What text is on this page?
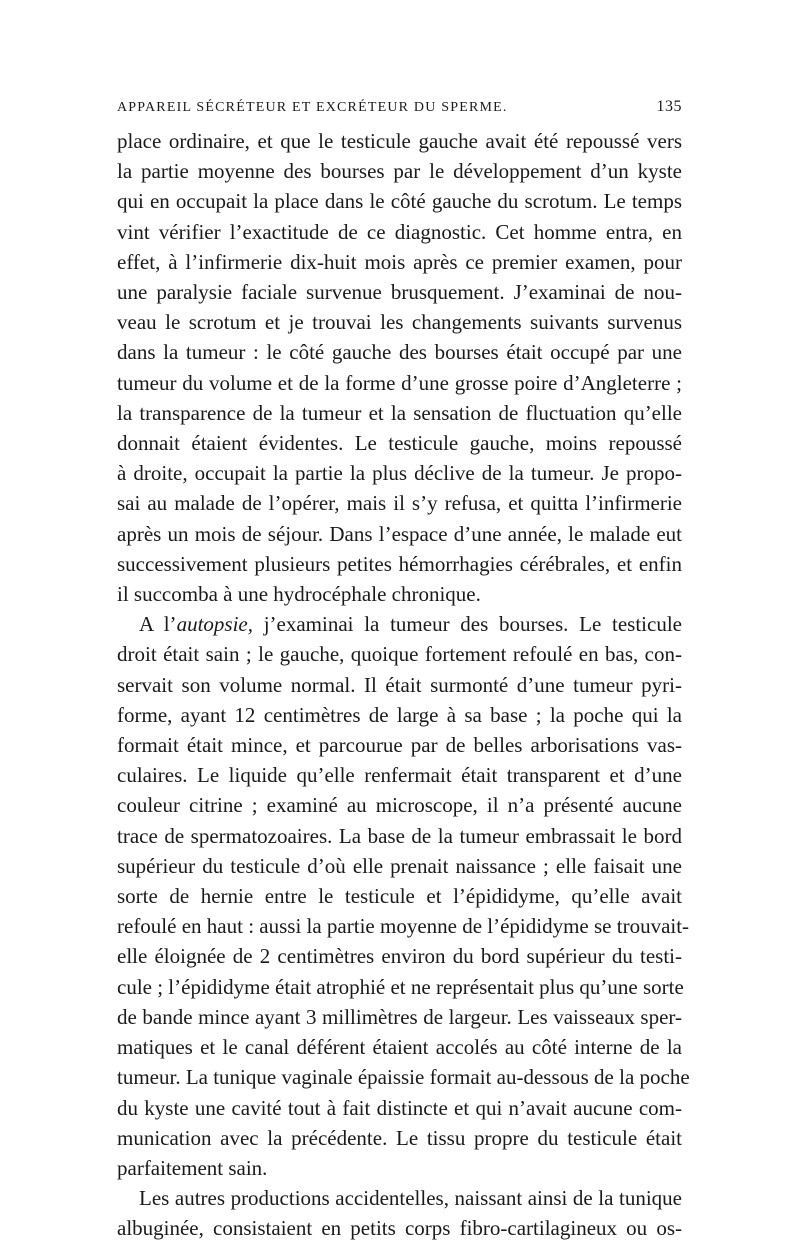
APPAREIL SÉCRÉTEUR ET EXCRÉTEUR DU SPERME.	135
place ordinaire, et que le testicule gauche avait été repoussé vers
la partie moyenne des bourses par le développement d’un kyste
qui en occupait la place dans le côté gauche du scrotum. Le temps
vint vérifier l’exactitude de ce diagnostic. Cet homme entra, en
effet, à l’infirmerie dix-huit mois après ce premier examen, pour
une paralysie faciale survenue brusquement. J’examinai de nou-
veau le scrotum et je trouvai les changements suivants survenus
dans la tumeur : le côté gauche des bourses était occupé par une
tumeur du volume et de la forme d’une grosse poire d’Angleterre ;
la transparence de la tumeur et la sensation de fluctuation qu’elle
donnait étaient évidentes. Le testicule gauche, moins repoussé
à droite, occupait la partie la plus déclive de la tumeur. Je propo-
sai au malade de l’opérer, mais il s’y refusa, et quitta l’infirmerie
après un mois de séjour. Dans l’espace d’une année, le malade eut
successivement plusieurs petites hémorrhagies cérébrales, et enfin
il succomba à une hydrocéphale chronique.
A l’autopsie, j’examinai la tumeur des bourses. Le testicule
droit était sain ; le gauche, quoique fortement refoulé en bas, con-
servait son volume normal. Il était surmonté d’une tumeur pyri-
forme, ayant 12 centimètres de large à sa base ; la poche qui la
formait était mince, et parcourue par de belles arborisations vas-
culaires. Le liquide qu’elle renfermait était transparent et d’une
couleur citrine ; examiné au microscope, il n’a présenté aucune
trace de spermatozoaires. La base de la tumeur embrassait le bord
supérieur du testicule d’où elle prenait naissance ; elle faisait une
sorte de hernie entre le testicule et l’épididyme, qu’elle avait
refoulé en haut : aussi la partie moyenne de l’épididyme se trouvait-
elle éloignée de 2 centimètres environ du bord supérieur du testi-
cule ; l’épididyme était atrophié et ne représentait plus qu’une sorte
de bande mince ayant 3 millimètres de largeur. Les vaisseaux sper-
matiques et le canal déférent étaient accolés au côté interne de la
tumeur. La tunique vaginale épaissie formait au-dessous de la poche
du kyste une cavité tout à fait distincte et qui n’avait aucune com-
munication avec la précédente. Le tissu propre du testicule était
parfaitement sain.
Les autres productions accidentelles, naissant ainsi de la tunique
albuginée, consistaient en petits corps fibro-cartilagineux ou os-
